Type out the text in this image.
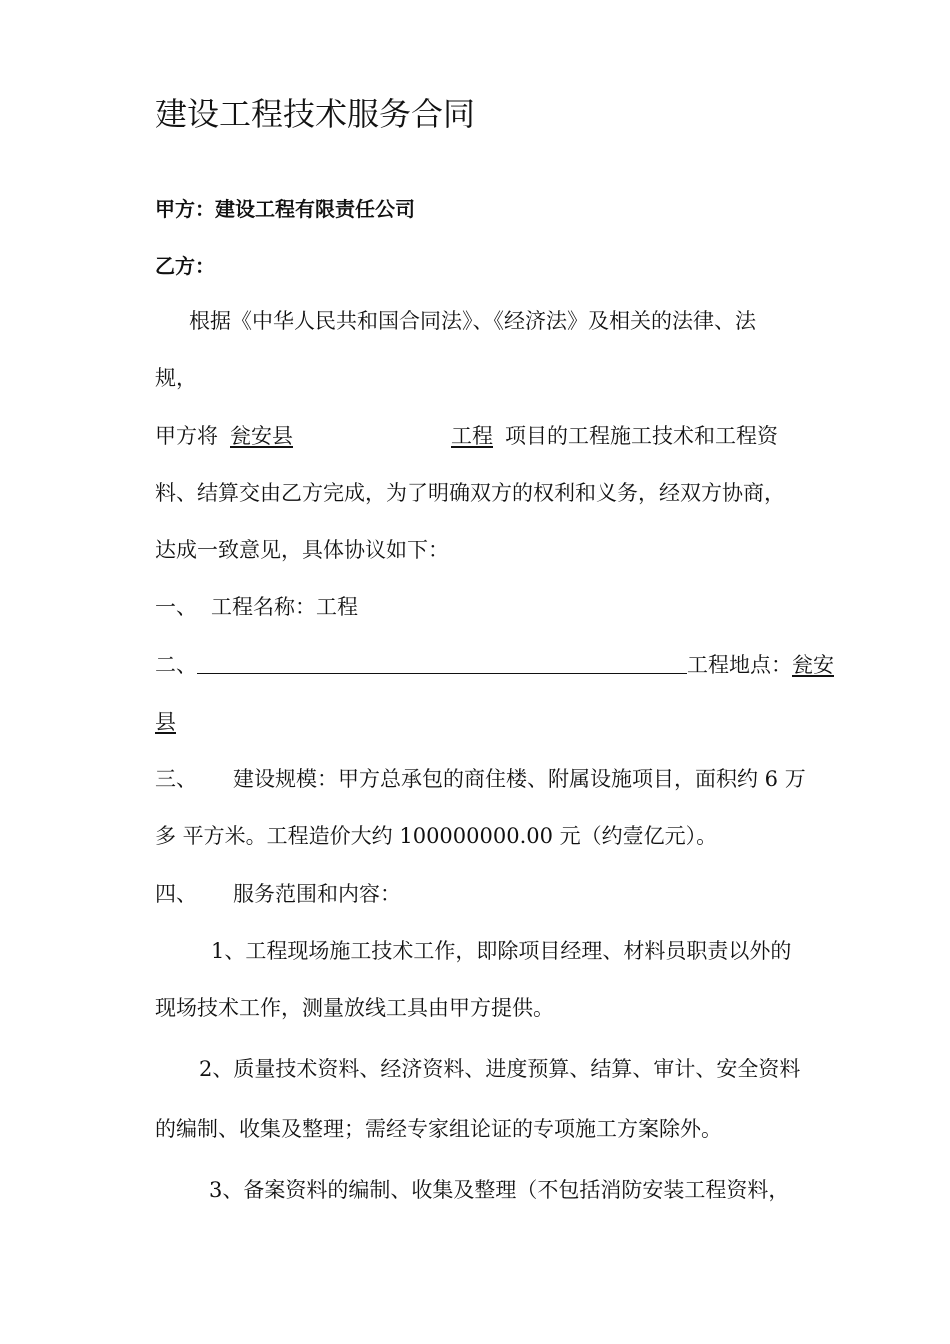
建设工程技术服务合同
甲方：建设工程有限责任公司
乙方：
根据《中华人民共和国合同法》、《经济法》及相关的法律、法
规，
甲方将 瓮安县	工程 项目的工程施工技术和工程资
料、结算交由乙方完成，为了明确双方的权利和义务，经双方协商，
达成一致意见，具体协议如下：
一、 工程名称：工程
二、	工程地点：瓮安
县
三、 建设规模：甲方总承包的商住楼、附属设施项目，面积约 6 万
多 平方米。工程造价大约 100000000.00 元（约壹亿元）。
四、 服务范围和内容：
1、工程现场施工技术工作，即除项目经理、材料员职责以外的
现场技术工作，测量放线工具由甲方提供。
2、质量技术资料、经济资料、进度预算、结算、审计、安全资料
的编制、收集及整理；需经专家组论证的专项施工方案除外。
3、备案资料的编制、收集及整理（不包括消防安装工程资料，
